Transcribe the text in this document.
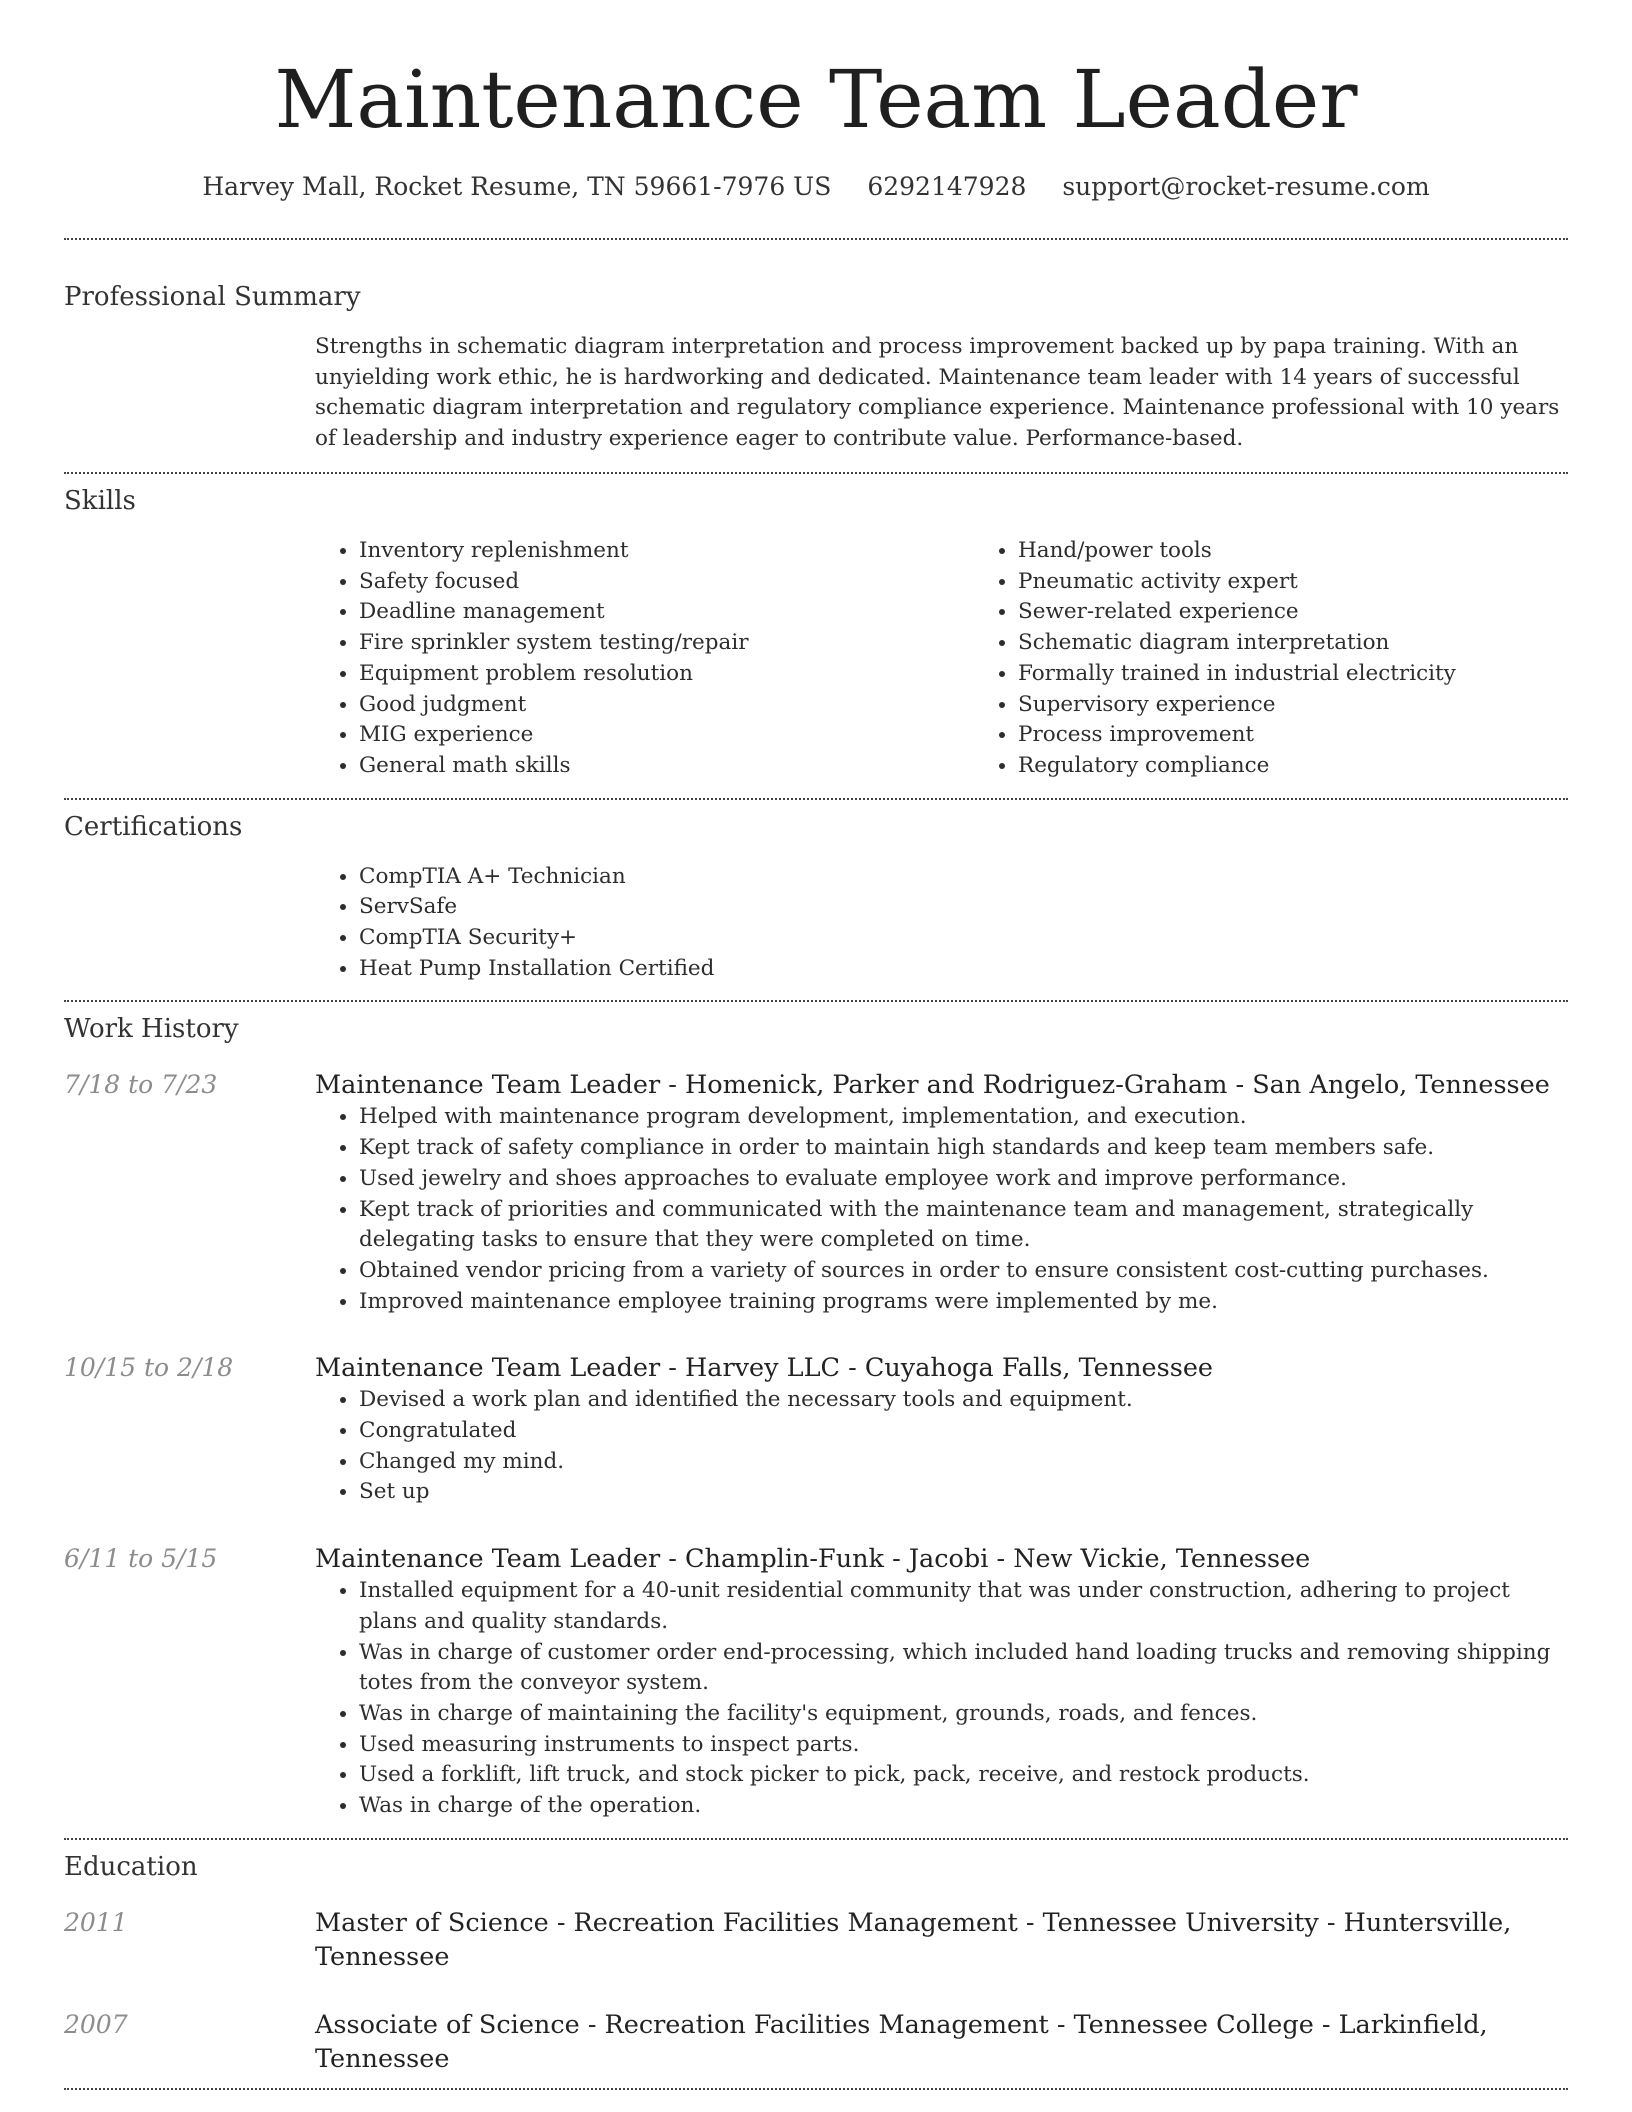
Maintenance Team Leader
Harvey Mall, Rocket Resume, TN 59661-7976 US 6292147928 support@rocket-resume.com
Professional Summary

Strengths in schematic diagram interpretation and process improvement backed up by papa training. With an unyielding work ethic, he is hardworking and dedicated. Maintenance team leader with 14 years of successful schematic diagram interpretation and regulatory compliance experience. Maintenance professional with 10 years of leadership and industry experience eager to contribute value. Performance-based.

Skills
• Inventory replenishment
• Safety focused
• Deadline management
• Fire sprinkler system testing/repair
• Equipment problem resolution
• Good judgment
• MIG experience
• General math skills
• Hand/power tools
• Pneumatic activity expert
• Sewer-related experience
• Schematic diagram interpretation
• Formally trained in industrial electricity
• Supervisory experience
• Process improvement
• Regulatory compliance
Certifications
• CompTIA A+ Technician
• ServSafe
• CompTIA Security+
• Heat Pump Installation Certified
Work History
7/18 to 7/23	Maintenance Team Leader - Homenick, Parker and Rodriguez-Graham - San Angelo, Tennessee
• Helped with maintenance program development, implementation, and execution.
• Kept track of safety compliance in order to maintain high standards and keep team members safe.
• Used jewelry and shoes approaches to evaluate employee work and improve performance.
• Kept track of priorities and communicated with the maintenance team and management, strategically delegating tasks to ensure that they were completed on time.
• Obtained vendor pricing from a variety of sources in order to ensure consistent cost-cutting purchases.
• Improved maintenance employee training programs were implemented by me.
10/15 to 2/18	Maintenance Team Leader - Harvey LLC - Cuyahoga Falls, Tennessee
• Devised a work plan and identified the necessary tools and equipment.
• Congratulated
• Changed my mind.
• Set up
6/11 to 5/15	Maintenance Team Leader - Champlin-Funk - Jacobi - New Vickie, Tennessee
• Installed equipment for a 40-unit residential community that was under construction, adhering to project plans and quality standards.
• Was in charge of customer order end-processing, which included hand loading trucks and removing shipping totes from the conveyor system.
• Was in charge of maintaining the facility's equipment, grounds, roads, and fences.
• Used measuring instruments to inspect parts.
• Used a forklift, lift truck, and stock picker to pick, pack, receive, and restock products.
• Was in charge of the operation.
Education
2011	Master of Science - Recreation Facilities Management - Tennessee University - Huntersville, Tennessee
2007	Associate of Science - Recreation Facilities Management - Tennessee College - Larkinfield, Tennessee
